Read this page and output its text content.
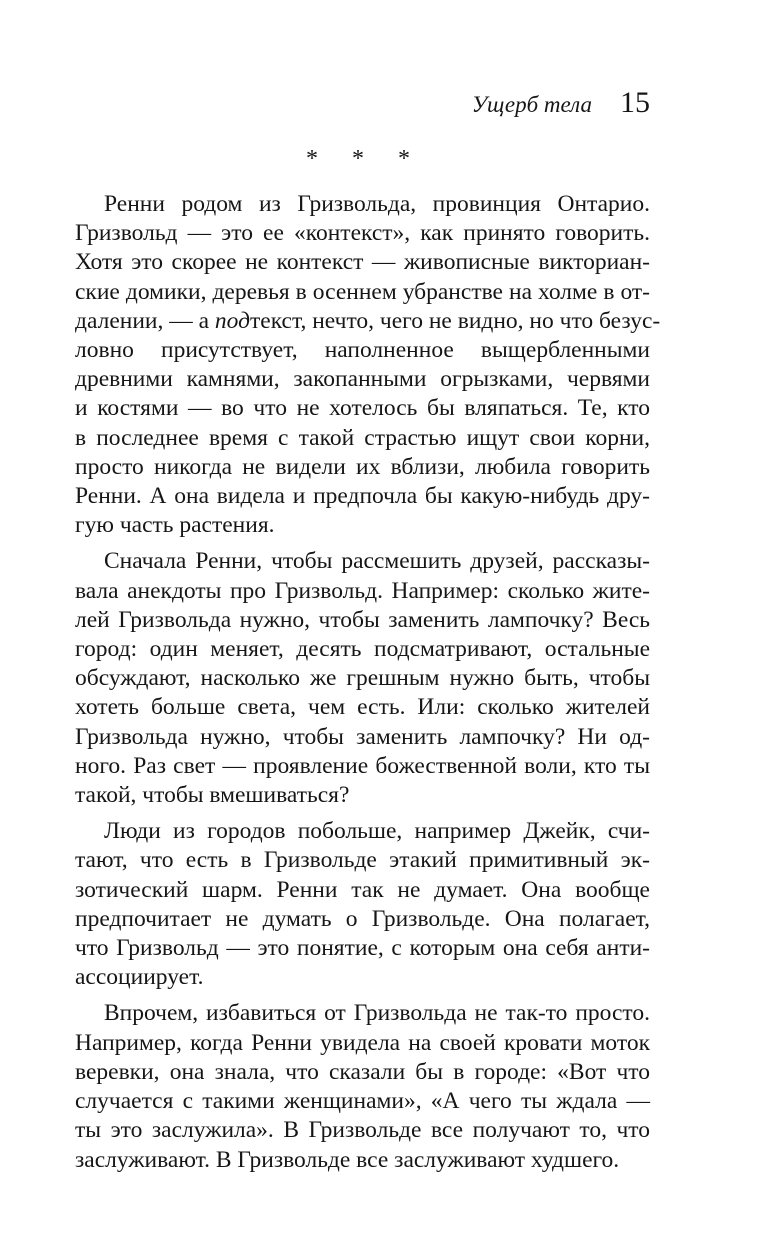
Ущерб тела 15
* * *
Ренни родом из Гризвольда, провинция Онтарио.
Гризвольд — это ее «контекст», как принято говорить.
Хотя это скорее не контекст — живописные викториан-
ские домики, деревья в осеннем убранстве на холме в от-
далении, — а подтекст, нечто, чего не видно, но что безус-
ловно присутствует, наполненное выщербленными
древними камнями, закопанными огрызками, червями
и костями — во что не хотелось бы вляпаться. Те, кто
в последнее время с такой страстью ищут свои корни,
просто никогда не видели их вблизи, любила говорить
Ренни. А она видела и предпочла бы какую-нибудь дру-
гую часть растения.
Сначала Ренни, чтобы рассмешить друзей, рассказы-
вала анекдоты про Гризвольд. Например: сколько жите-
лей Гризвольда нужно, чтобы заменить лампочку? Весь
город: один меняет, десять подсматривают, остальные
обсуждают, насколько же грешным нужно быть, чтобы
хотеть больше света, чем есть. Или: сколько жителей
Гризвольда нужно, чтобы заменить лампочку? Ни од-
ного. Раз свет — проявление божественной воли, кто ты
такой, чтобы вмешиваться?
Люди из городов побольше, например Джейк, счи-
тают, что есть в Гризвольде этакий примитивный эк-
зотический шарм. Ренни так не думает. Она вообще
предпочитает не думать о Гризвольде. Она полагает,
что Гризвольд — это понятие, с которым она себя анти-
ассоциирует.
Впрочем, избавиться от Гризвольда не так-то просто.
Например, когда Ренни увидела на своей кровати моток
веревки, она знала, что сказали бы в городе: «Вот что
случается с такими женщинами», «А чего ты ждала —
ты это заслужила». В Гризвольде все получают то, что
заслуживают. В Гризвольде все заслуживают худшего.
